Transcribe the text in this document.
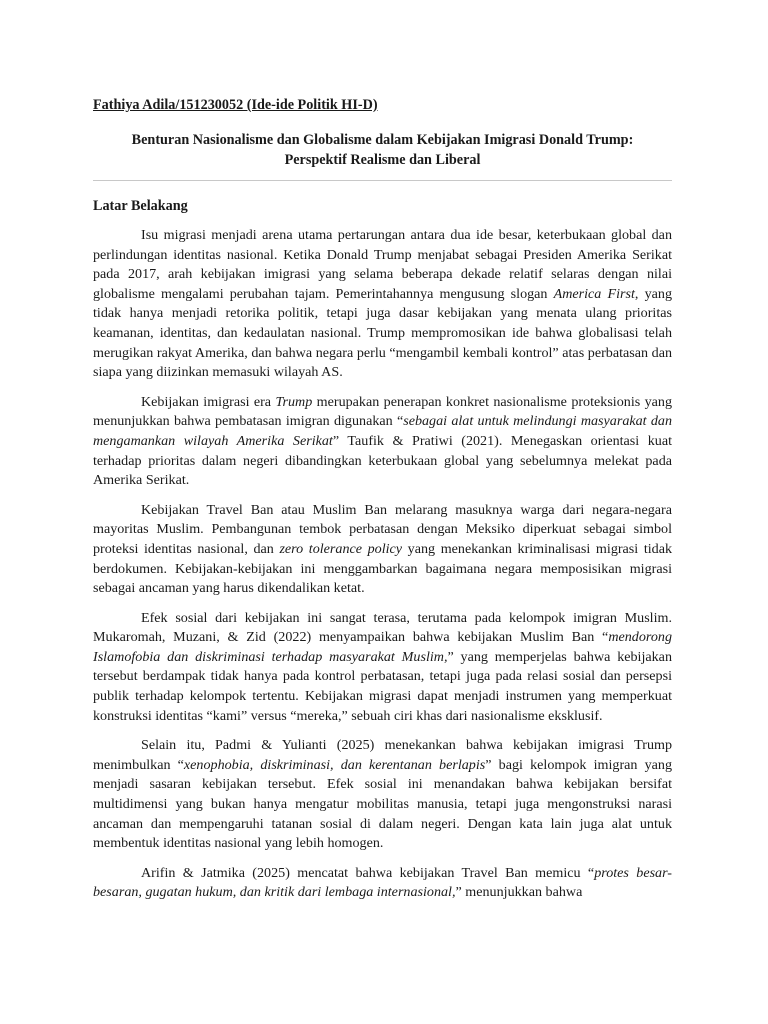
Fathiya Adila/151230052 (Ide-ide Politik HI-D)

Benturan Nasionalisme dan Globalisme dalam Kebijakan Imigrasi Donald Trump:
Perspektif Realisme dan Liberal

Latar Belakang

Isu migrasi menjadi arena utama pertarungan antara dua ide besar, keterbukaan global dan perlindungan identitas nasional. Ketika Donald Trump menjabat sebagai Presiden Amerika Serikat pada 2017, arah kebijakan imigrasi yang selama beberapa dekade relatif selaras dengan nilai globalisme mengalami perubahan tajam. Pemerintahannya mengusung slogan America First, yang tidak hanya menjadi retorika politik, tetapi juga dasar kebijakan yang menata ulang prioritas keamanan, identitas, dan kedaulatan nasional. Trump mempromosikan ide bahwa globalisasi telah merugikan rakyat Amerika, dan bahwa negara perlu “mengambil kembali kontrol” atas perbatasan dan siapa yang diizinkan memasuki wilayah AS.

Kebijakan imigrasi era Trump merupakan penerapan konkret nasionalisme proteksionis yang menunjukkan bahwa pembatasan imigran digunakan “sebagai alat untuk melindungi masyarakat dan mengamankan wilayah Amerika Serikat” Taufik & Pratiwi (2021). Menegaskan orientasi kuat terhadap prioritas dalam negeri dibandingkan keterbukaan global yang sebelumnya melekat pada Amerika Serikat.

Kebijakan Travel Ban atau Muslim Ban melarang masuknya warga dari negara-negara mayoritas Muslim. Pembangunan tembok perbatasan dengan Meksiko diperkuat sebagai simbol proteksi identitas nasional, dan zero tolerance policy yang menekankan kriminalisasi migrasi tidak berdokumen. Kebijakan-kebijakan ini menggambarkan bagaimana negara memposisikan migrasi sebagai ancaman yang harus dikendalikan ketat.

Efek sosial dari kebijakan ini sangat terasa, terutama pada kelompok imigran Muslim. Mukaromah, Muzani, & Zid (2022) menyampaikan bahwa kebijakan Muslim Ban “mendorong Islamofobia dan diskriminasi terhadap masyarakat Muslim,” yang memperjelas bahwa kebijakan tersebut berdampak tidak hanya pada kontrol perbatasan, tetapi juga pada relasi sosial dan persepsi publik terhadap kelompok tertentu. Kebijakan migrasi dapat menjadi instrumen yang memperkuat konstruksi identitas “kami” versus “mereka,” sebuah ciri khas dari nasionalisme eksklusif.

Selain itu, Padmi & Yulianti (2025) menekankan bahwa kebijakan imigrasi Trump menimbulkan “xenophobia, diskriminasi, dan kerentanan berlapis” bagi kelompok imigran yang menjadi sasaran kebijakan tersebut. Efek sosial ini menandakan bahwa kebijakan bersifat multidimensi yang bukan hanya mengatur mobilitas manusia, tetapi juga mengonstruksi narasi ancaman dan mempengaruhi tatanan sosial di dalam negeri. Dengan kata lain juga alat untuk membentuk identitas nasional yang lebih homogen.

Arifin & Jatmika (2025) mencatat bahwa kebijakan Travel Ban memicu “protes besar-besaran, gugatan hukum, dan kritik dari lembaga internasional,” menunjukkan bahwa
